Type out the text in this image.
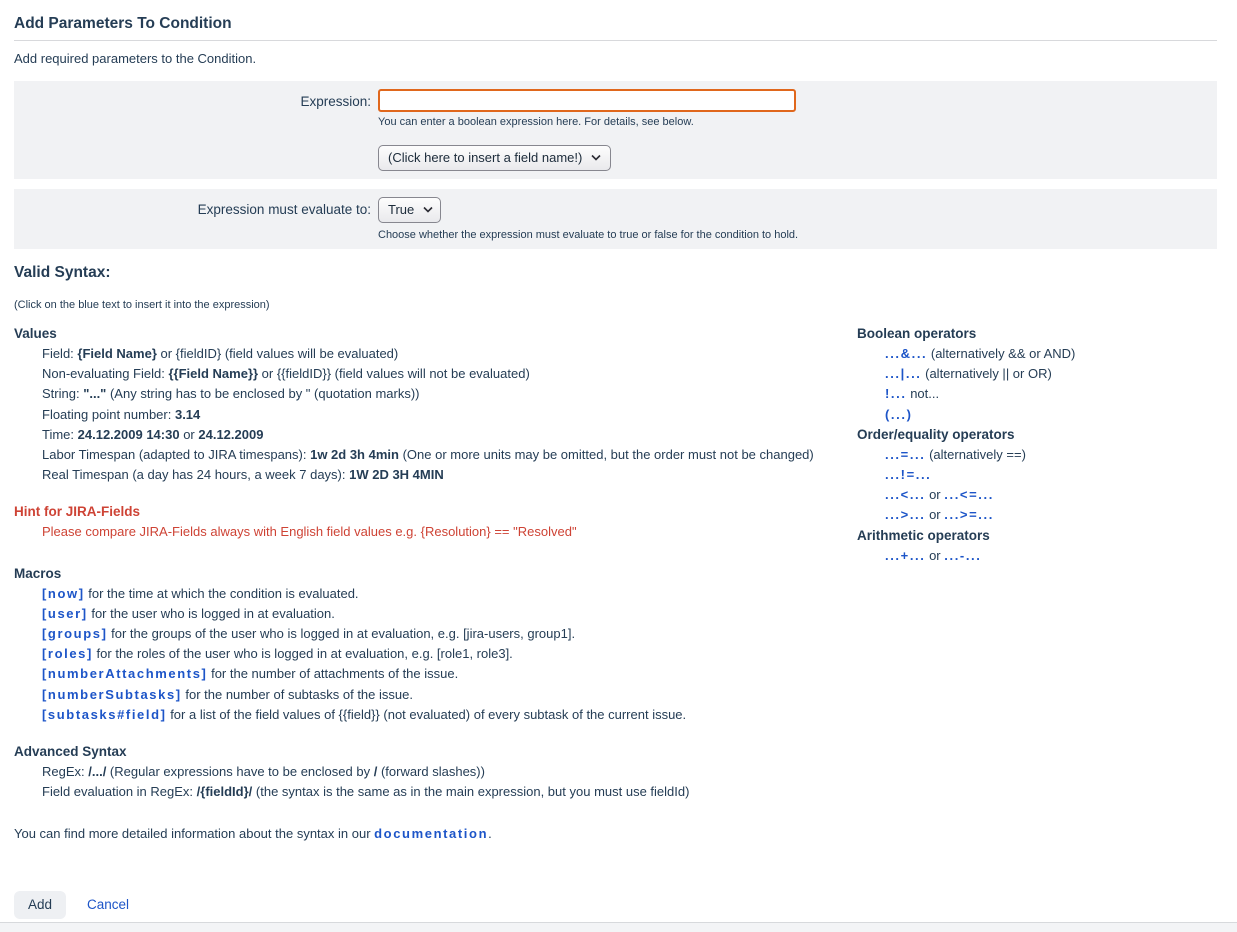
Add Parameters To Condition

Add required parameters to the Condition.

Expression:
You can enter a boolean expression here. For details, see below.
(Click here to insert a field name!)
Expression must evaluate to: True
Choose whether the expression must evaluate to true or false for the condition to hold.
Valid Syntax:
(Click on the blue text to insert it into the expression)
Values
Field: {Field Name} or {fieldID} (field values will be evaluated)
Non-evaluating Field: {{Field Name}} or {{fieldID}} (field values will not be evaluated)
String: "..." (Any string has to be enclosed by " (quotation marks))
Floating point number: 3.14
Time: 24.12.2009 14:30 or 24.12.2009
Labor Timespan (adapted to JIRA timespans): 1w 2d 3h 4min (One or more units may be omitted, but the order must not be changed)
Real Timespan (a day has 24 hours, a week 7 days): 1W 2D 3H 4MIN
Hint for JIRA-Fields
Please compare JIRA-Fields always with English field values e.g. {Resolution} == "Resolved"
Macros
[now] for the time at which the condition is evaluated.
[user] for the user who is logged in at evaluation.
[groups] for the groups of the user who is logged in at evaluation, e.g. [jira-users, group1].
[roles] for the roles of the user who is logged in at evaluation, e.g. [role1, role3].
[numberAttachments] for the number of attachments of the issue.
[numberSubtasks] for the number of subtasks of the issue.
[subtasks#field] for a list of the field values of {{field}} (not evaluated) of every subtask of the current issue.
Advanced Syntax
RegEx: /.../ (Regular expressions have to be enclosed by / (forward slashes))
Field evaluation in RegEx: /{fieldId}/ (the syntax is the same as in the main expression, but you must use fieldId)
Boolean operators
...&... (alternatively && or AND)
...|... (alternatively || or OR)
!... not...
(...)
Order/equality operators
...=... (alternatively ==)
...!=...
...<... or ...<=...
...>... or ...>=...
Arithmetic operators
...+... or ...-...
You can find more detailed information about the syntax in our documentation.
Add	Cancel
